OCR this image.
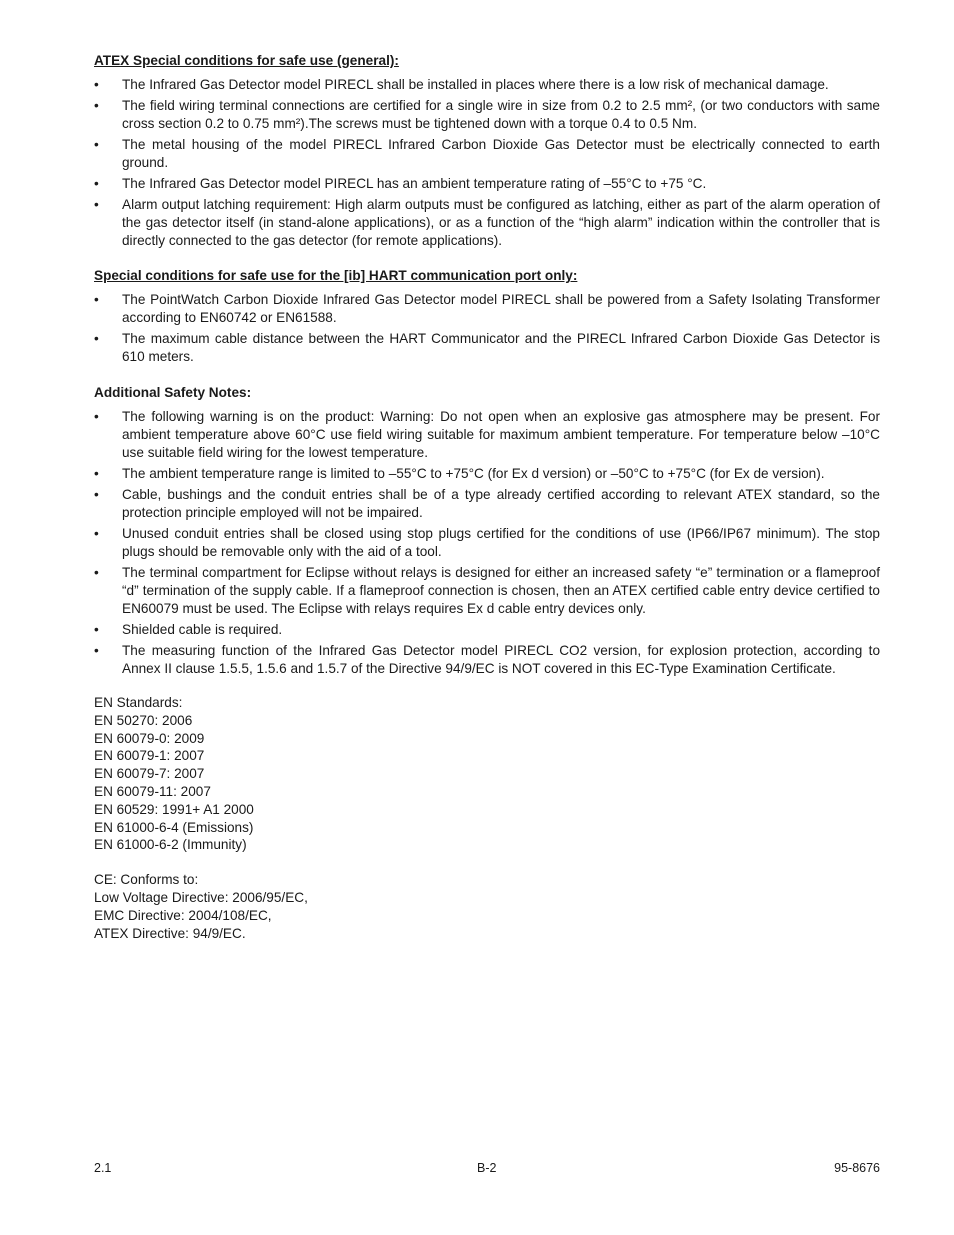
ATEX Special conditions for safe use (general):
•	The Infrared Gas Detector model PIRECL shall be installed in places where there is a low risk of mechanical damage.
•	The field wiring terminal connections are certified for a single wire in size from 0.2 to 2.5 mm², (or two conductors with same cross section 0.2 to 0.75 mm²).The screws must be tightened down with a torque 0.4 to 0.5 Nm.
•	The metal housing of the model PIRECL Infrared Carbon Dioxide Gas Detector must be electrically connected to earth ground.
•	The Infrared Gas Detector model PIRECL has an ambient temperature rating of –55°C to +75 °C.
•	Alarm output latching requirement: High alarm outputs must be configured as latching, either as part of the alarm operation of the gas detector itself (in stand-alone applications), or as a function of the “high alarm” indication within the controller that is directly connected to the gas detector (for remote applications).
Special conditions for safe use for the [ib] HART communication port only:
•	The PointWatch Carbon Dioxide Infrared Gas Detector model PIRECL shall be powered from a Safety Isolating Transformer according to EN60742 or EN61588.
•	The maximum cable distance between the HART Communicator and the PIRECL Infrared Carbon Dioxide Gas Detector is 610 meters.
Additional Safety Notes:
•	The following warning is on the product: Warning: Do not open when an explosive gas atmosphere may be present. For ambient temperature above 60°C use field wiring suitable for maximum ambient temperature. For temperature below –10°C use suitable field wiring for the lowest temperature.
•	The ambient temperature range is limited to –55°C to +75°C (for Ex d version) or –50°C to +75°C (for Ex de version).
•	Cable, bushings and the conduit entries shall be of a type already certified according to relevant ATEX standard, so the protection principle employed will not be impaired.
•	Unused conduit entries shall be closed using stop plugs certified for the conditions of use (IP66/IP67 minimum). The stop plugs should be removable only with the aid of a tool.
•	The terminal compartment for Eclipse without relays is designed for either an increased safety “e” termination or a flameproof “d” termination of the supply cable. If a flameproof connection is chosen, then an ATEX certified cable entry device certified to EN60079 must be used. The Eclipse with relays requires Ex d cable entry devices only.
•	Shielded cable is required.
•	The measuring function of the Infrared Gas Detector model PIRECL CO2 version, for explosion protection, according to Annex II clause 1.5.5, 1.5.6 and 1.5.7 of the Directive 94/9/EC is NOT covered in this EC-Type Examination Certificate.
EN Standards:
EN 50270: 2006
EN 60079-0: 2009
EN 60079-1: 2007
EN 60079-7: 2007
EN 60079-11: 2007
EN 60529: 1991+ A1 2000
EN 61000-6-4 (Emissions)
EN 61000-6-2 (Immunity)
CE: Conforms to:
Low Voltage Directive: 2006/95/EC,
EMC Directive: 2004/108/EC,
ATEX Directive: 94/9/EC.
2.1	B-2	95-8676
